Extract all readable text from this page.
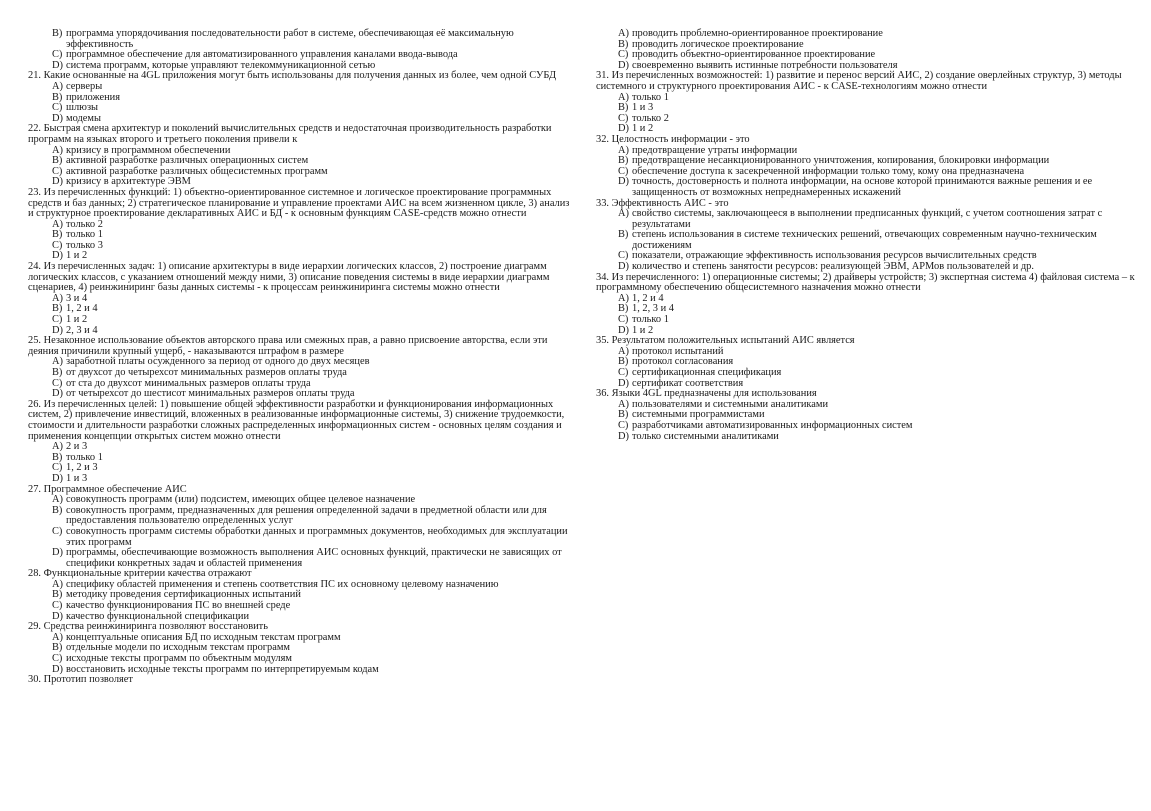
B) программа упорядочивания последовательности работ в системе, обеспечивающая её максимальную эффективность
C) программное обеспечение для автоматизированного управления каналами ввода-вывода
D) система программ, которые управляют телекоммуникационной сетью

21. Какие основанные на 4GL приложения могут быть использованы для получения данных из более, чем одной СУБД

A) серверы
B) приложения
C) шлюзы
D) модемы

22. Быстрая смена архитектур и поколений вычислительных средств и недостаточная производительность разработки программ на языках второго и третьего поколения привели к

A) кризису в программном обеспечении
B) активной разработке различных операционных систем
C) активной разработке различных общесистемных программ
D) кризису в архитектуре ЭВМ

23. Из перечисленных функций: 1) объектно-ориентированное системное и логическое проектирование программных средств и баз данных; 2) стратегическое планирование и управление проектами АИС на всем жизненном цикле, 3) анализ и структурное проектирование декларативных АИС и БД - к основным функциям CASE-средств можно отнести

A) только 2
B) только 1
C) только 3
D) 1 и 2

24. Из перечисленных задач: 1) описание архитектуры в виде иерархии логических классов, 2) построение диаграмм логических классов, с указанием отношений между ними, 3) описание поведения системы в виде иерархии диаграмм сценариев, 4) реинжиниринг базы данных системы - к процессам реинжиниринга системы можно отнести

A) 3 и 4
B) 1, 2 и 4
C) 1 и 2
D) 2, 3 и 4

25. Незаконное использование объектов авторского права или смежных прав, а равно присвоение авторства, если эти деяния причинили крупный ущерб, - наказываются штрафом в размере

A) заработной платы осужденного за период от одного до двух месяцев
B) от двухсот до четырехсот минимальных размеров оплаты труда
C) от ста до двухсот минимальных размеров оплаты труда
D) от четырехсот до шестисот минимальных размеров оплаты труда

26. Из перечисленных целей: 1) повышение общей эффективности разработки и функционирования информационных систем, 2) привлечение инвестиций, вложенных в реализованные информационные системы, 3) снижение трудоемкости, стоимости и длительности разработки сложных распределенных информационных систем - основных целям создания и применения концепции открытых систем можно отнести

A) 2 и 3
B) только 1
C) 1, 2 и 3
D) 1 и 3

27. Программное обеспечение АИС

A) совокупность программ (или) подсистем, имеющих общее целевое назначение
B) совокупность программ, предназначенных для решения определенной задачи в предметной области или для предоставления пользователю определенных услуг
C) совокупность программ системы обработки данных и программных документов, необходимых для эксплуатации этих программ
D) программы, обеспечивающие возможность выполнения АИС основных функций, практически не зависящих от специфики конкретных задач и областей применения

28. Функциональные критерии качества отражают

A) специфику областей применения и степень соответствия ПС их основному целевому назначению
B) методику проведения сертификационных испытаний
C) качество функционирования ПС во внешней среде
D) качество функциональной спецификации

29. Средства реинжиниринга позволяют восстановить

A) концептуальные описания БД по исходным текстам программ
B) отдельные модели по исходным текстам программ
C) исходные тексты программ по объектным модулям
D) восстановить исходные тексты программ по интерпретируемым кодам

30. Прототип позволяет

A) проводить проблемно-ориентированное проектирование
B) проводить логическое проектирование
C) проводить объектно-ориентированное проектирование
D) своевременно выявить истинные потребности пользователя

31. Из перечисленных возможностей: 1) развитие и перенос версий АИС, 2) создание оверлейных структур, 3) методы системного и структурного проектирования АИС - к CASE-технологиям можно отнести

A) только 1
B) 1 и 3
C) только 2
D) 1 и 2

32. Целостность информации - это

A) предотвращение утраты информации
B) предотвращение несанкционированного уничтожения, копирования, блокировки информации
C) обеспечение доступа к засекреченной информации только тому, кому она предназначена
D) точность, достоверность и полнота информации, на основе которой принимаются важные решения и ее защищенность от возможных непреднамеренных искажений

33. Эффективность АИС - это

A) свойство системы, заключающееся в выполнении предписанных функций, с учетом соотношения затрат с результатами
B) степень использования в системе технических решений, отвечающих современным научно-техническим достижениям
C) показатели, отражающие эффективность использования ресурсов вычислительных средств
D) количество и степень занятости ресурсов: реализующей ЭВМ, АРМов пользователей и др.

34. Из перечисленного: 1) операционные системы; 2) драйверы устройств; 3) экспертная система 4) файловая система – к программному обеспечению общесистемного назначения можно отнести

A) 1, 2 и 4
B) 1, 2, 3 и 4
C) только 1
D) 1 и 2

35. Результатом положительных испытаний АИС является

A) протокол испытаний
B) протокол согласования
C) сертификационная спецификация
D) сертификат соответствия

36. Языки 4GL предназначены для использования

A) пользователями и системными аналитиками
B) системными программистами
C) разработчиками автоматизированных информационных систем
D) только системными аналитиками
